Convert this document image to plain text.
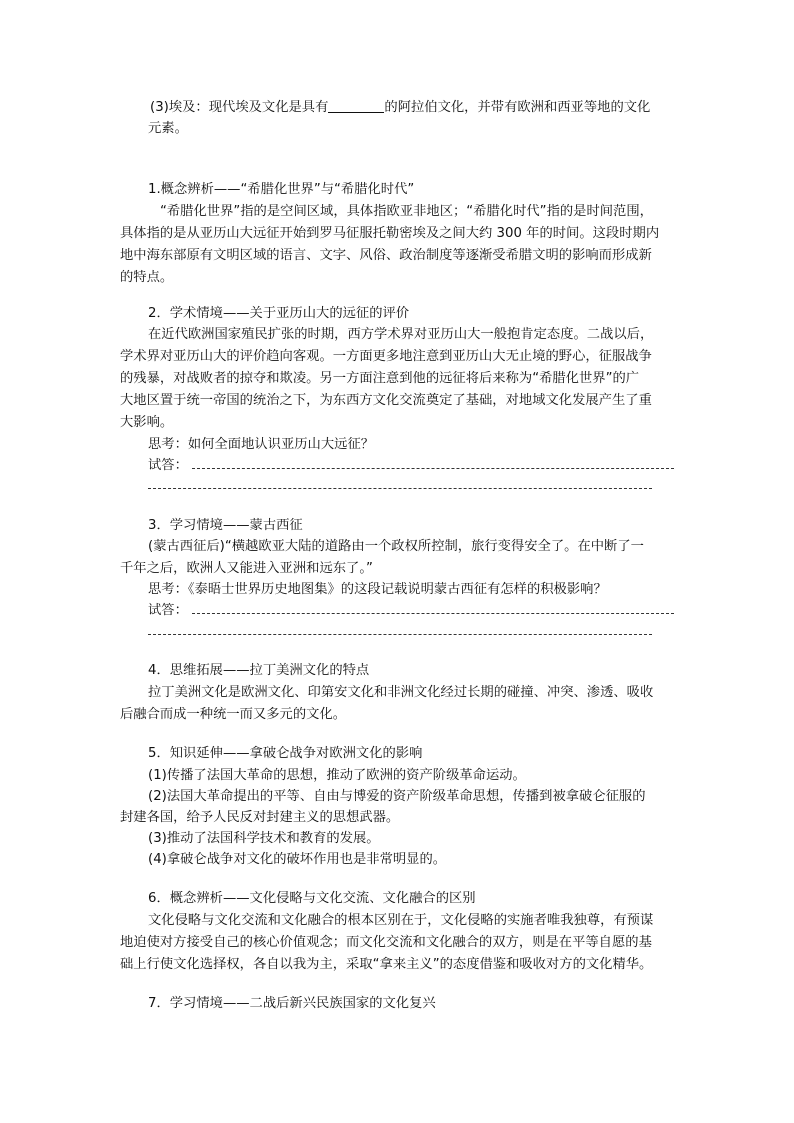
(3)埃及：现代埃及文化是具有	的阿拉伯文化，并带有欧洲和西亚等地的文化
元素。
1.概念辨析——“希腊化世界”与“希腊化时代”
“希腊化世界”指的是空间区域，具体指欧亚非地区；“希腊化时代”指的是时间范围，
具体指的是从亚历山大远征开始到罗马征服托勒密埃及之间大约 300 年的时间。这段时期内
地中海东部原有文明区域的语言、文字、风俗、政治制度等逐渐受希腊文明的影响而形成新
的特点。
2．学术情境——关于亚历山大的远征的评价
在近代欧洲国家殖民扩张的时期，西方学术界对亚历山大一般抱肯定态度。二战以后，
学术界对亚历山大的评价趋向客观。一方面更多地注意到亚历山大无止境的野心，征服战争
的残暴，对战败者的掠夺和欺凌。另一方面注意到他的远征将后来称为“希腊化世界”的广
大地区置于统一帝国的统治之下，为东西方文化交流奠定了基础，对地域文化发展产生了重
大影响。
思考：如何全面地认识亚历山大远征？
试答：
3．学习情境——蒙古西征
(蒙古西征后)“横越欧亚大陆的道路由一个政权所控制，旅行变得安全了。在中断了一
千年之后，欧洲人又能进入亚洲和远东了。”
思考：《泰晤士世界历史地图集》的这段记载说明蒙古西征有怎样的积极影响？
试答：
4．思维拓展——拉丁美洲文化的特点
拉丁美洲文化是欧洲文化、印第安文化和非洲文化经过长期的碰撞、冲突、渗透、吸收
后融合而成一种统一而又多元的文化。
5．知识延伸——拿破仑战争对欧洲文化的影响
(1)传播了法国大革命的思想，推动了欧洲的资产阶级革命运动。
(2)法国大革命提出的平等、自由与博爱的资产阶级革命思想，传播到被拿破仑征服的
封建各国，给予人民反对封建主义的思想武器。
(3)推动了法国科学技术和教育的发展。
(4)拿破仑战争对文化的破坏作用也是非常明显的。
6．概念辨析——文化侵略与文化交流、文化融合的区别
文化侵略与文化交流和文化融合的根本区别在于，文化侵略的实施者唯我独尊，有预谋
地迫使对方接受自己的核心价值观念；而文化交流和文化融合的双方，则是在平等自愿的基
础上行使文化选择权，各自以我为主，采取“拿来主义”的态度借鉴和吸收对方的文化精华。
7．学习情境——二战后新兴民族国家的文化复兴
